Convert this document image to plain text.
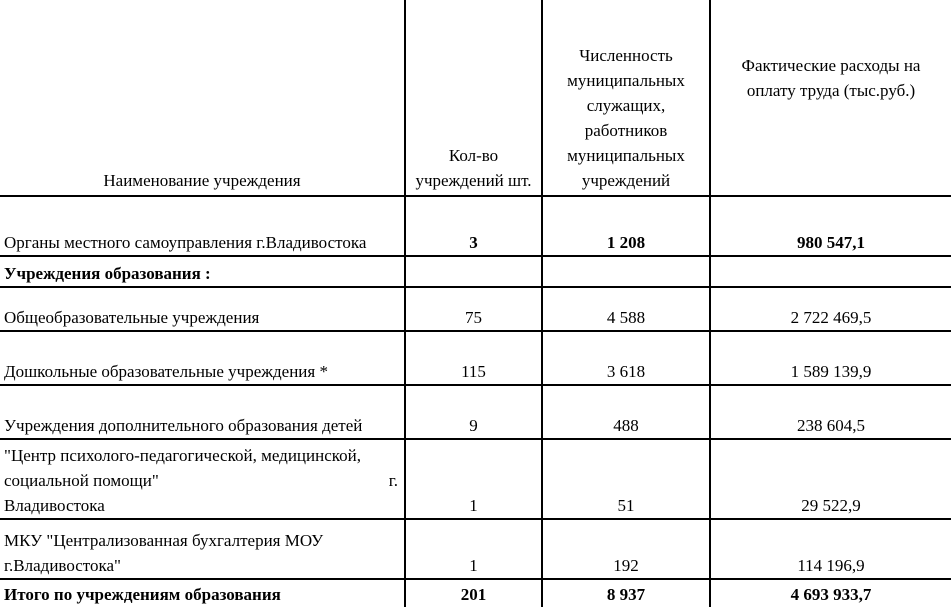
Наименование учреждения	Кол-во учреждений шт.	Численность муниципальных служащих, работников муниципальных учреждений	Фактические расходы на оплату труда (тыс.руб.)
Органы местного самоуправления г.Владивостока	3	1 208	980 547,1
Учреждения образования :			
Общеобразовательные учреждения	75	4 588	2 722 469,5
Дошкольные образовательные учреждения *	115	3 618	1 589 139,9
Учреждения дополнительного образования детей	9	488	238 604,5
"Центр психолого-педагогической, медицинской, социальной помощи" г.

Владивостока	1	51	29 522,9
МКУ "Централизованная бухгалтерия МОУ г.Владивостока"	1	192	114 196,9
Итого по учреждениям образования	201	8 937	4 693 933,7
